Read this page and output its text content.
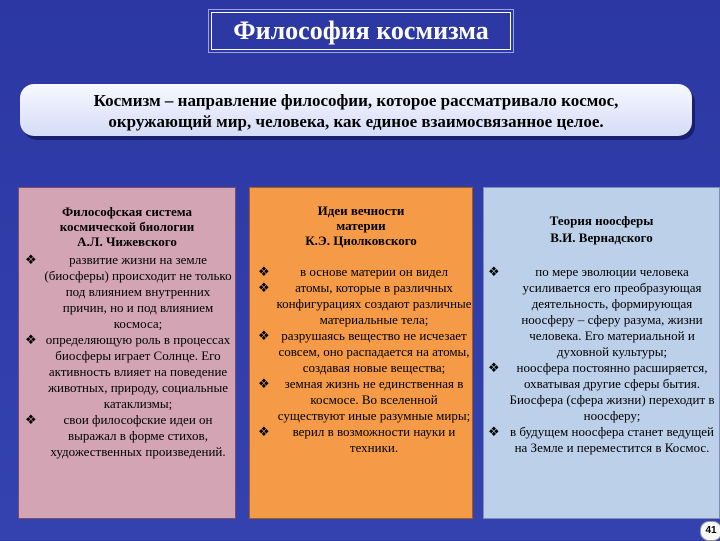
Философия космизма
Космизм – направление философии, которое рассматривало космос,
окружающий мир, человека, как единое взаимосвязанное целое.
Философская система
космической биологии
А.Л. Чижевского
❖ развитие жизни на земле (биосферы) происходит не только под влиянием внутренних причин, но и под влиянием космоса;
❖ определяющую роль в процессах биосферы играет Солнце. Его активность влияет на поведение животных, природу, социальные катаклизмы;
❖ свои философские идеи он выражал в форме стихов, художественных произведений.
Идеи вечности
материи
К.Э. Циолковского
❖ в основе материи он видел
❖ атомы, которые в различных конфигурациях создают различные материальные тела;
❖ разрушаясь вещество не исчезает совсем, оно распадается на атомы, создавая новые вещества;
❖ земная жизнь не единственная в космосе. Во вселенной существуют иные разумные миры;
❖ верил в возможности науки и техники.
Теория ноосферы
В.И. Вернадского
❖	по мере эволюции человека усиливается его преобразующая деятельность, формирующая ноосферу – сферу разума, жизни человека. Его материальной и духовной культуры;
❖ ноосфера постоянно расширяется, охватывая другие сферы бытия. Биосфера (сфера жизни) переходит в ноосферу;
❖ в будущем ноосфера станет ведущей на Земле и переместится в Космос.
41
